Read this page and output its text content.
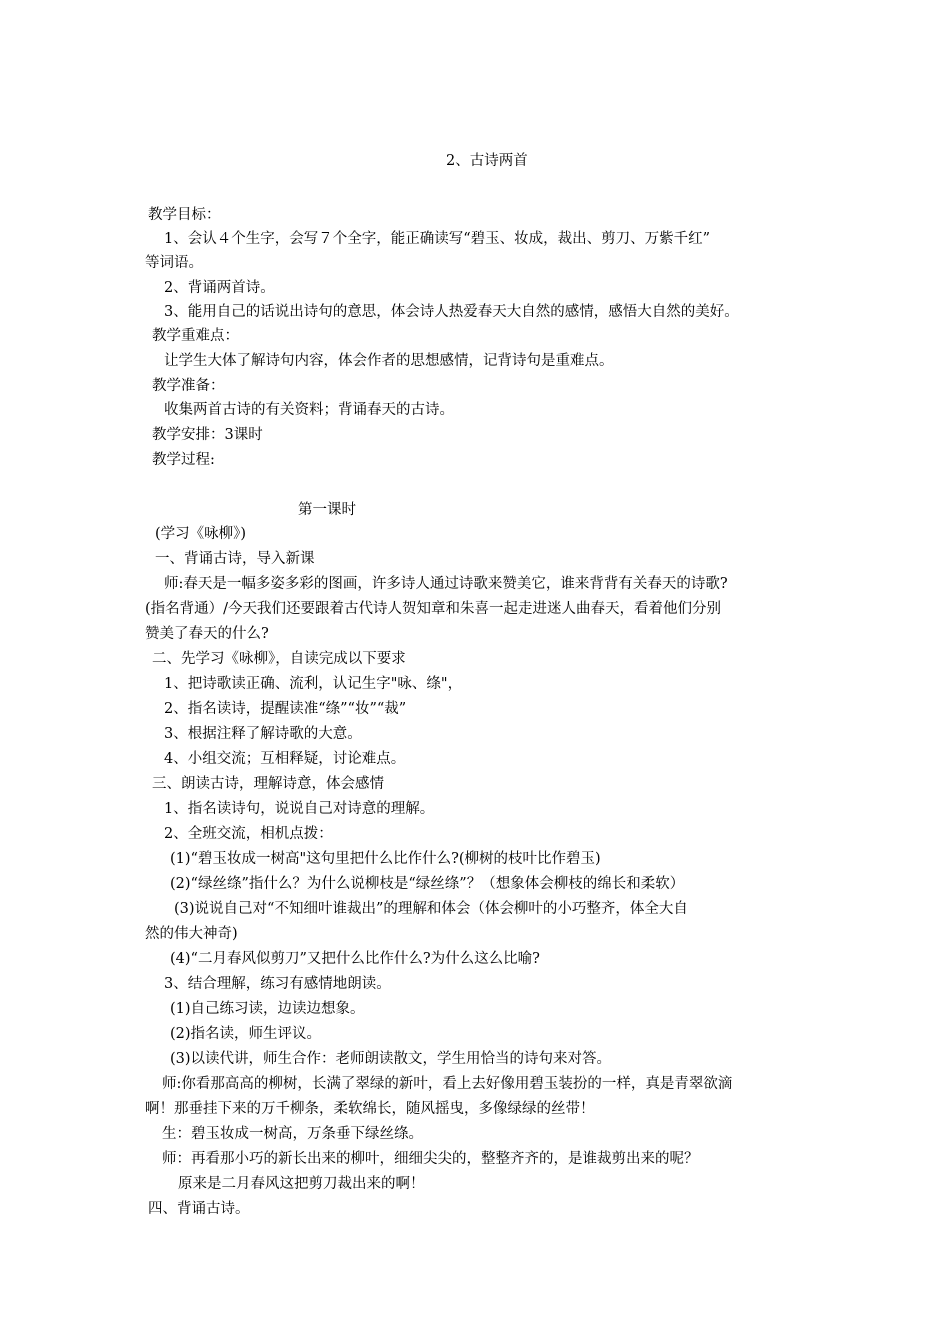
2、古诗两首
教学目标：
1、会认４个生字，会写７个全字，能正确读写“碧玉、妆成，裁出、剪刀、万紫千红”
等词语。
2、背诵两首诗。
3、能用自己的话说出诗句的意思，体会诗人热爱春天大自然的感情，感悟大自然的美好。
教学重难点：
让学生大体了解诗句内容，体会作者的思想感情，记背诗句是重难点。
教学准备：
收集两首古诗的有关资料；背诵春天的古诗。
教学安排：3课时
教学过程:
第一课时
(学习《咏柳》)
一、背诵古诗，导入新课
师:春天是一幅多姿多彩的图画，许多诗人通过诗歌来赞美它，谁来背背有关春天的诗歌?
(指名背通）/今天我们还要跟着古代诗人贺知章和朱喜一起走进迷人曲春天，看着他们分别
赞美了春天的什么?
二、先学习《咏柳》，自读完成以下要求
1、把诗歌读正确、流利，认记生字"咏、绦"，
2、指名读诗，提醒读准“绦”“妆”“裁”
3、根据注释了解诗歌的大意。
4、小组交流；互相释疑，讨论难点。
三、朗读古诗，理解诗意，体会感情
1、指名读诗句，说说自己对诗意的理解。
2、全班交流，相机点拨：
(1)“碧玉妆成一树高"这句里把什么比作什么?(柳树的枝叶比作碧玉)
(2)“绿丝绦”指什么？为什么说柳枝是“绿丝绦”？（想象体会柳枝的绵长和柔软）
(3)说说自己对“不知细叶谁裁出”的理解和体会（体会柳叶的小巧整齐，体全大自
然的伟大神奇)
(4)“二月春风似剪刀”又把什么比作什么?为什么这么比喻?
3、结合理解，练习有感情地朗读。
(1)自己练习读，边读边想象。
(2)指名读，师生评议。
(3)以读代讲，师生合作：老师朗读散文，学生用恰当的诗句来对答。
师:你看那高高的柳树，长满了翠绿的新叶，看上去好像用碧玉装扮的一样，真是青翠欲滴
啊！那垂挂下来的万千柳条，柔软绵长，随风摇曳，多像绿绿的丝带！
生：碧玉妆成一树高，万条垂下绿丝绦。
师：再看那小巧的新长出来的柳叶，细细尖尖的，整整齐齐的，是谁裁剪出来的呢？
原来是二月春风这把剪刀裁出来的啊！
四、背诵古诗。
